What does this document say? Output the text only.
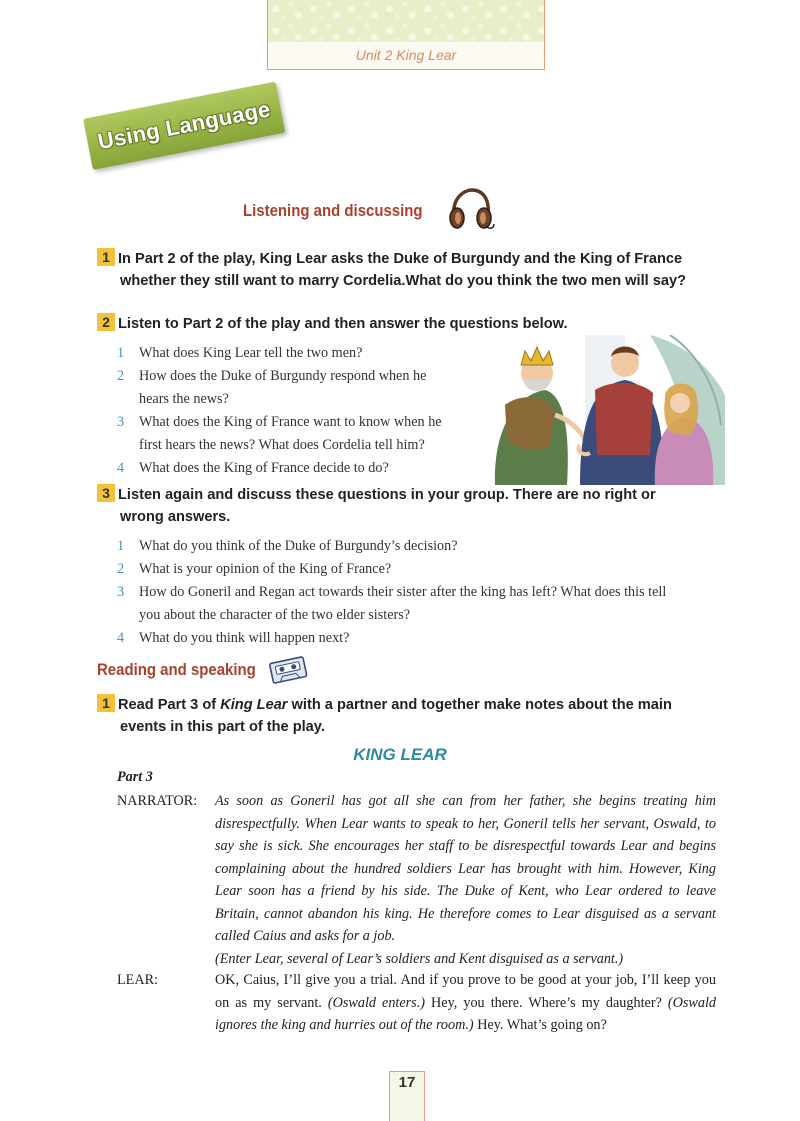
Unit 2 King Lear
Using Language
Listening and discussing
1 In Part 2 of the play, King Lear asks the Duke of Burgundy and the King of France
whether they still want to marry Cordelia.What do you think the two men will say?
2 Listen to Part 2 of the play and then answer the questions below.
1 What does King Lear tell the two men?
2 How does the Duke of Burgundy respond when he
hears the news?
3 What does the King of France want to know when he
first hears the news? What does Cordelia tell him?
4 What does the King of France decide to do?
3 Listen again and discuss these questions in your group. There are no right or
wrong answers.
1 What do you think of the Duke of Burgundy’s decision?
2 What is your opinion of the King of France?
3 How do Goneril and Regan act towards their sister after the king has left? What does this tell
you about the character of the two elder sisters?
4 What do you think will happen next?
Reading and speaking
1 Read Part 3 of King Lear with a partner and together make notes about the main
events in this part of the play.
KING LEAR
Part 3
NARRATOR: As soon as Goneril has got all she can from her father, she begins treating him disrespectfully. When Lear wants to speak to her, Goneril tells her servant, Oswald, to say she is sick. She encourages her staff to be disrespectful towards Lear and begins complaining about the hundred soldiers Lear has brought with him. However, King Lear soon has a friend by his side. The Duke of Kent, who Lear ordered to leave Britain, cannot abandon his king. He therefore comes to Lear disguised as a servant called Caius and asks for a job.
(Enter Lear, several of Lear’s soldiers and Kent disguised as a servant.)
LEAR:	OK, Caius, I’ll give you a trial. And if you prove to be good at your job, I’ll keep you on as my servant. (Oswald enters.) Hey, you there. Where’s my daughter? (Oswald ignores the king and hurries out of the room.) Hey. What’s going on?
17
